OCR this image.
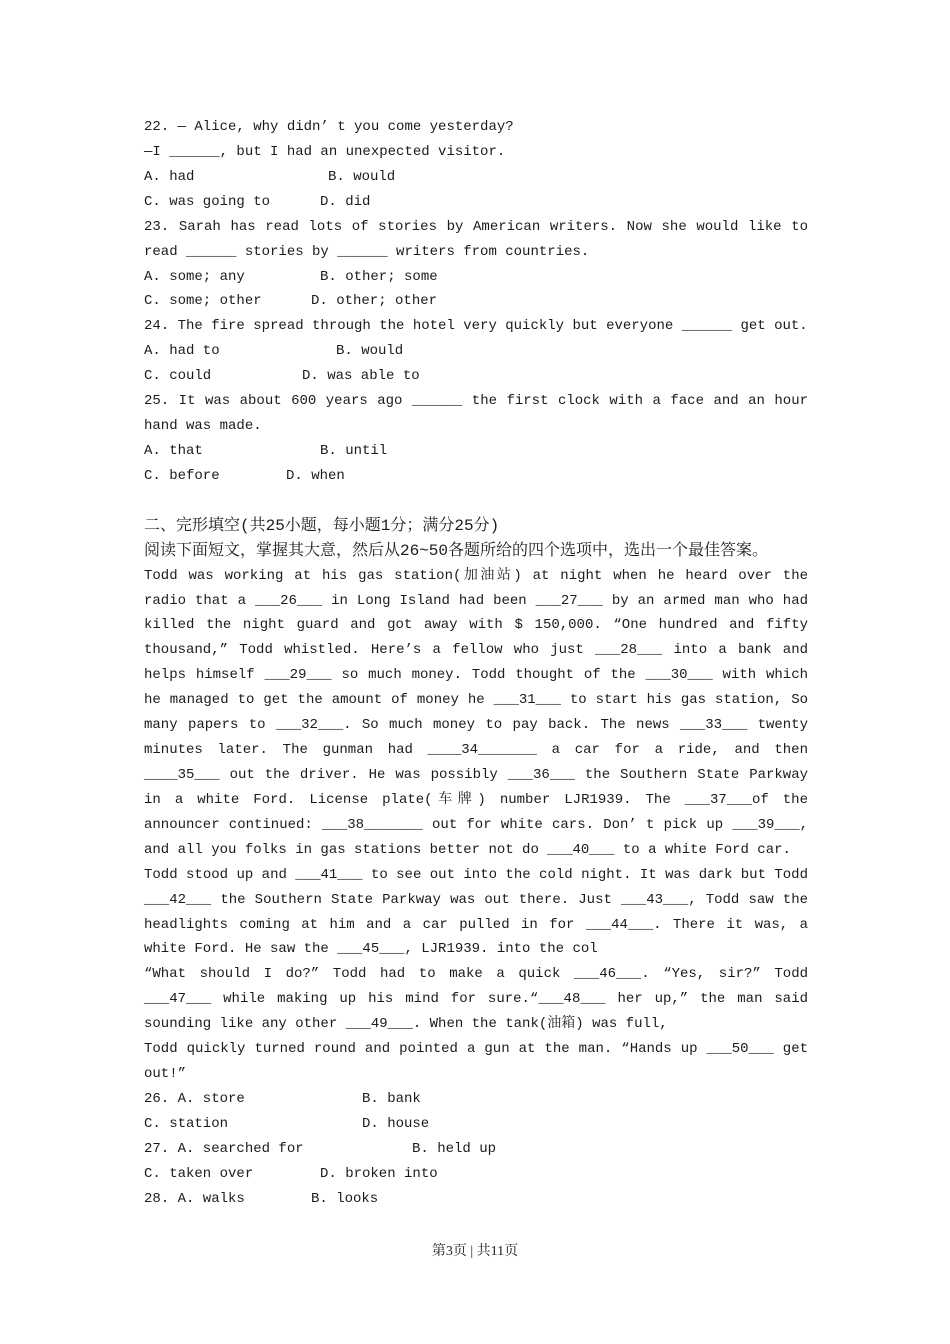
22. — Alice, why didn’ t you come yesterday?
—I ______, but I had an unexpected visitor.
A. had	B. would
C. was going to	D. did
23. Sarah has read lots of stories by American writers. Now she would like to
read ______ stories by ______ writers from countries.
A. some; any	B. other; some
C. some; other	D. other; other
24. The fire spread through the hotel very quickly but everyone ______ get out.
A. had to	B. would
C. could	D. was able to
25. It was about 600 years ago ______ the first clock with a face and an hour
hand was made.
A. that	B. until
C. before	D. when
二、完形填空(共25小题，每小题1分；满分25分)
阅读下面短文，掌握其大意，然后从26~50各题所给的四个选项中，选出一个最佳答案。
Todd was working at his gas station(加油站) at night when he heard over the
radio that a ___26___ in Long Island had been ___27___ by an armed man who had
killed the night guard and got away with $ 150,000. “One hundred and fifty
thousand,” Todd whistled. Here’s a fellow who just ___28___ into a bank and
helps himself ___29___ so much money. Todd thought of the ___30___ with which
he managed to get the amount of money he ___31___ to start his gas station, So
many papers to ___32___. So much money to pay back. The news ___33___ twenty
minutes later. The gunman had ____34_______ a car for a ride, and then
____35___ out the driver. He was possibly ___36___ the Southern State Parkway
in a white Ford. License plate(车牌) number LJR1939. The ___37___of the
announcer continued: ___38_______ out for white cars. Don’ t pick up ___39___,
and all you folks in gas stations better not do ___40___ to a white Ford car.
Todd stood up and ___41___ to see out into the cold night. It was dark but Todd
___42___ the Southern State Parkway was out there. Just ___43___, Todd saw the
headlights coming at him and a car pulled in for ___44___. There it was, a
white Ford. He saw the ___45___, LJR1939. into the col
“What should I do?” Todd had to make a quick ___46___. “Yes, sir?” Todd
___47___ while making up his mind for sure.“___48___ her up,” the man said
sounding like any other ___49___. When the tank(油箱) was full,
Todd quickly turned round and pointed a gun at the man. “Hands up ___50___ get
out!”
26. A. store	B. bank
C. station	D. house
27. A. searched for	B. held up
C. taken over	D. broken into
28. A. walks	B. looks
第3页 | 共11页
